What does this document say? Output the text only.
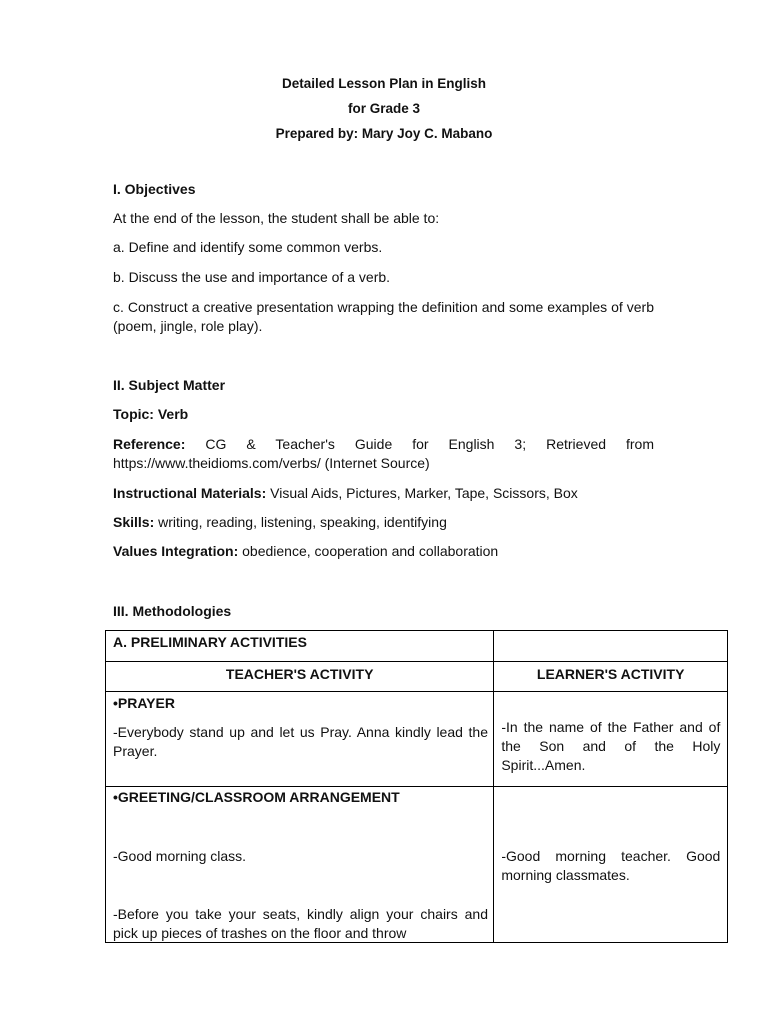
Detailed Lesson Plan in English
for Grade 3
Prepared by: Mary Joy C. Mabano
I. Objectives
At the end of the lesson, the student shall be able to:
a. Define and identify some common verbs.
b. Discuss the use and importance of a verb.
c. Construct a creative presentation wrapping the definition and some examples of verb (poem, jingle, role play).
II. Subject Matter
Topic: Verb
Reference: CG & Teacher's Guide for English 3; Retrieved from https://www.theidioms.com/verbs/ (Internet Source)
Instructional Materials: Visual Aids, Pictures, Marker, Tape, Scissors, Box
Skills: writing, reading, listening, speaking, identifying
Values Integration: obedience, cooperation and collaboration
III. Methodologies
A. PRELIMINARY ACTIVITIES	

TEACHER'S ACTIVITY	LEARNER'S ACTIVITY

•PRAYER
-Everybody stand up and let us Pray. Anna kindly lead the Prayer.	-In the name of the Father and of the Son and of the Holy Spirit...Amen.

•GREETING/CLASSROOM ARRANGEMENT
-Good morning class.
-Before you take your seats, kindly align your chairs and pick up pieces of trashes on the floor and throw	-Good morning teacher. Good morning classmates.
